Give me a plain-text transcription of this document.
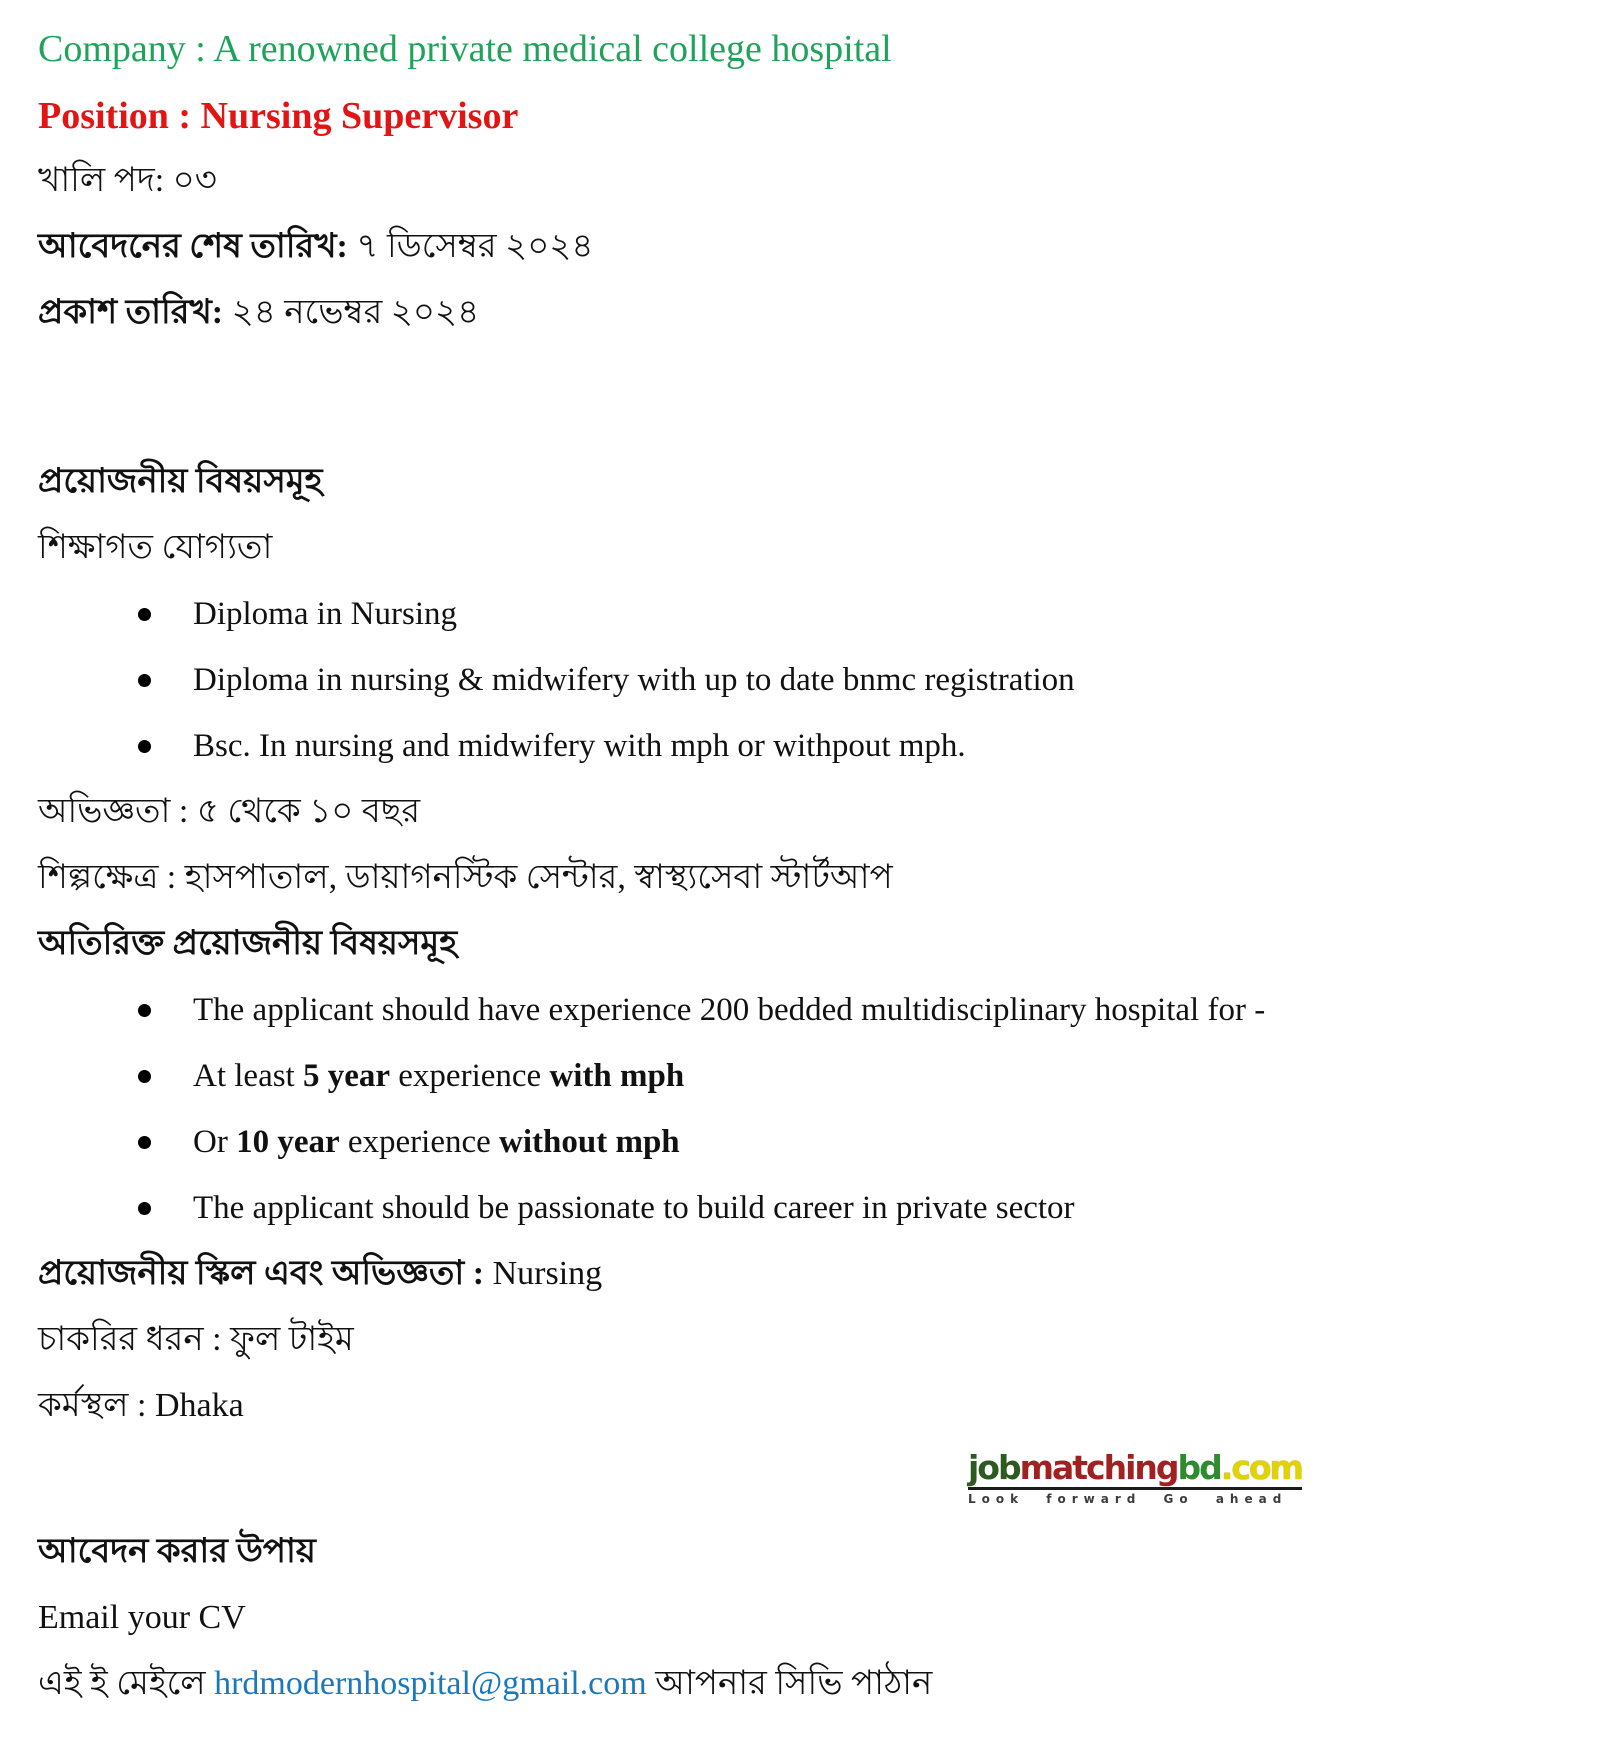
Company : A renowned private medical college hospital

Position : Nursing Supervisor

খালি পদ: ০৩

আবেদনের শেষ তারিখ: ৭ ডিসেম্বর ২০২৪

প্রকাশ তারিখ: ২৪ নভেম্বর ২০২৪

প্রয়োজনীয় বিষয়সমূহ

শিক্ষাগত যোগ্যতা

Diploma in Nursing
Diploma in nursing & midwifery with up to date bnmc registration
Bsc. In nursing and midwifery with mph or withpout mph.

অভিজ্ঞতা : ৫ থেকে ১০ বছর

শিল্পক্ষেত্র : হাসপাতাল, ডায়াগনস্টিক সেন্টার, স্বাস্থ্যসেবা স্টার্টআপ

অতিরিক্ত প্রয়োজনীয় বিষয়সমূহ

The applicant should have experience 200 bedded multidisciplinary hospital for -
At least 5 year experience with mph
Or 10 year experience without mph
The applicant should be passionate to build career in private sector

প্রয়োজনীয় স্কিল এবং অভিজ্ঞতা : Nursing

চাকরির ধরন : ফুল টাইম

কর্মস্থল : Dhaka

jobmatchingbd.com
Look forward Go ahead

আবেদন করার উপায়

Email your CV

এই ই মেইলে hrdmodernhospital@gmail.com আপনার সিভি পাঠান
